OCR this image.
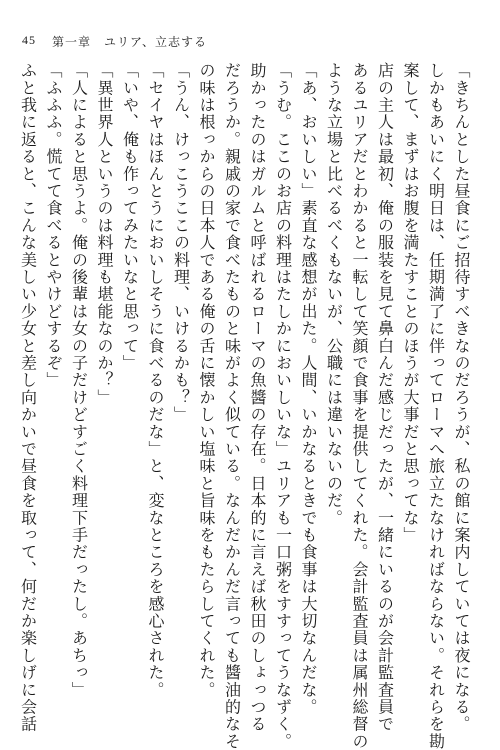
45 第一章　ユリア、立志する
「きちんとした昼食にご招待すべきなのだろうが、私の館に案内していては夜になる。
しかもあいにく明日は、任期満了に伴ってローマへ旅立たなければならない。それらを勘
案して、まずはお腹を満たすことのほうが大事だと思ってな」
店の主人は最初、俺の服装を見て鼻白んだ感じだったが、一緒にいるのが会計監査員で
あるユリアだとわかると一転して笑顔で食事を提供してくれた。会計監査員は属州総督の
ような立場と比べるべくもないが、公職には違いないのだ。
「あ、おいしい」素直な感想が出た。人間、いかなるときでも食事は大切なんだな。
「うむ。ここのお店の料理はたしかにおいしいな」ユリアも一口粥をすすってうなずく。
助かったのはガルムと呼ばれるローマの魚醬の存在。日本的に言えば秋田のしょっつる
だろうか。親戚の家で食べたものと味がよく似ている。なんだかんだ言っても醬油的なそ
の味は根っからの日本人である俺の舌に懐かしい塩味と旨味をもたらしてくれた。
「うん、けっこうここの料理、いけるかも？」
「セイヤはほんとうにおいしそうに食べるのだな」と、変なところを感心された。
「いや、俺も作ってみたいなと思って」
「異世界人というのは料理も堪能なのか？」
「人によると思うよ。俺の後輩は女の子だけどすごく料理下手だったし。あちっ」
「ふふふ。慌てて食べるとやけどするぞ」
ふと我に返ると、こんな美しい少女と差し向かいで昼食を取って、何だか楽しげに会話
